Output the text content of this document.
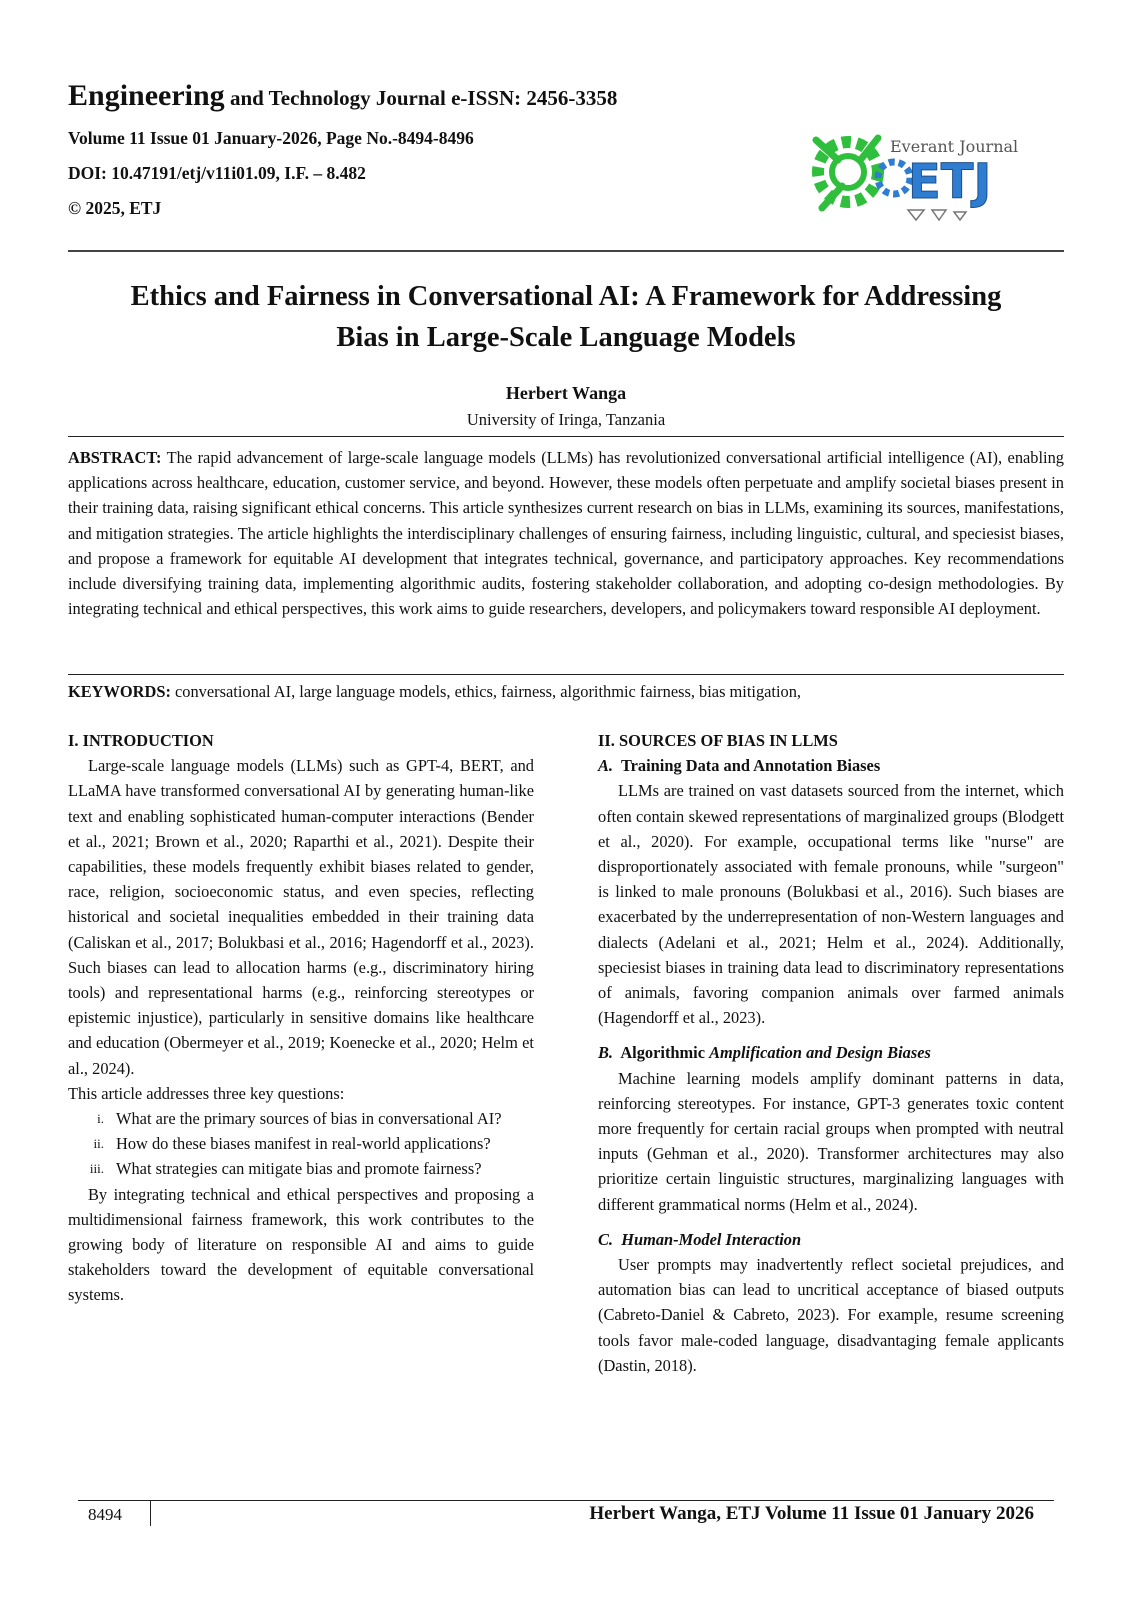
Engineering and Technology Journal e-ISSN: 2456-3358

Volume 11 Issue 01 January-2026, Page No.-8494-8496
DOI: 10.47191/etj/v11i01.09, I.F. – 8.482
© 2025, ETJ
Everant Journal
ETJ
Ethics and Fairness in Conversational AI: A Framework for Addressing
Bias in Large-Scale Language Models
Herbert Wanga
University of Iringa, Tanzania

ABSTRACT: The rapid advancement of large-scale language models (LLMs) has revolutionized conversational artificial intelligence (AI), enabling applications across healthcare, education, customer service, and beyond. However, these models often perpetuate and amplify societal biases present in their training data, raising significant ethical concerns. This article synthesizes current research on bias in LLMs, examining its sources, manifestations, and mitigation strategies. The article highlights the interdisciplinary challenges of ensuring fairness, including linguistic, cultural, and speciesist biases, and propose a framework for equitable AI development that integrates technical, governance, and participatory approaches. Key recommendations include diversifying training data, implementing algorithmic audits, fostering stakeholder collaboration, and adopting co-design methodologies. By integrating technical and ethical perspectives, this work aims to guide researchers, developers, and policymakers toward responsible AI deployment.

KEYWORDS: conversational AI, large language models, ethics, fairness, algorithmic fairness, bias mitigation,

I. INTRODUCTION

Large-scale language models (LLMs) such as GPT-4, BERT, and LLaMA have transformed conversational AI by generating human-like text and enabling sophisticated human-computer interactions (Bender et al., 2021; Brown et al., 2020; Raparthi et al., 2021). Despite their capabilities, these models frequently exhibit biases related to gender, race, religion, socioeconomic status, and even species, reflecting historical and societal inequalities embedded in their training data (Caliskan et al., 2017; Bolukbasi et al., 2016; Hagendorff et al., 2023). Such biases can lead to allocation harms (e.g., discriminatory hiring tools) and representational harms (e.g., reinforcing stereotypes or epistemic injustice), particularly in sensitive domains like healthcare and education (Obermeyer et al., 2019; Koenecke et al., 2020; Helm et al., 2024).

This article addresses three key questions:

i. What are the primary sources of bias in conversational AI?
ii. How do these biases manifest in real-world applications?
iii. What strategies can mitigate bias and promote fairness?

By integrating technical and ethical perspectives and proposing a multidimensional fairness framework, this work contributes to the growing body of literature on responsible AI and aims to guide stakeholders toward the development of equitable conversational systems.

II. SOURCES OF BIAS IN LLMS

A. Training Data and Annotation Biases

LLMs are trained on vast datasets sourced from the internet, which often contain skewed representations of marginalized groups (Blodgett et al., 2020). For example, occupational terms like "nurse" are disproportionately associated with female pronouns, while "surgeon" is linked to male pronouns (Bolukbasi et al., 2016). Such biases are exacerbated by the underrepresentation of non-Western languages and dialects (Adelani et al., 2021; Helm et al., 2024). Additionally, speciesist biases in training data lead to discriminatory representations of animals, favoring companion animals over farmed animals (Hagendorff et al., 2023).

B. Algorithmic Amplification and Design Biases

Machine learning models amplify dominant patterns in data, reinforcing stereotypes. For instance, GPT-3 generates toxic content more frequently for certain racial groups when prompted with neutral inputs (Gehman et al., 2020). Transformer architectures may also prioritize certain linguistic structures, marginalizing languages with different grammatical norms (Helm et al., 2024).

C. Human-Model Interaction

User prompts may inadvertently reflect societal prejudices, and automation bias can lead to uncritical acceptance of biased outputs (Cabreto-Daniel & Cabreto, 2023). For example, resume screening tools favor male-coded language, disadvantaging female applicants (Dastin, 2018).

8494	Herbert Wanga, ETJ Volume 11 Issue 01 January 2026
